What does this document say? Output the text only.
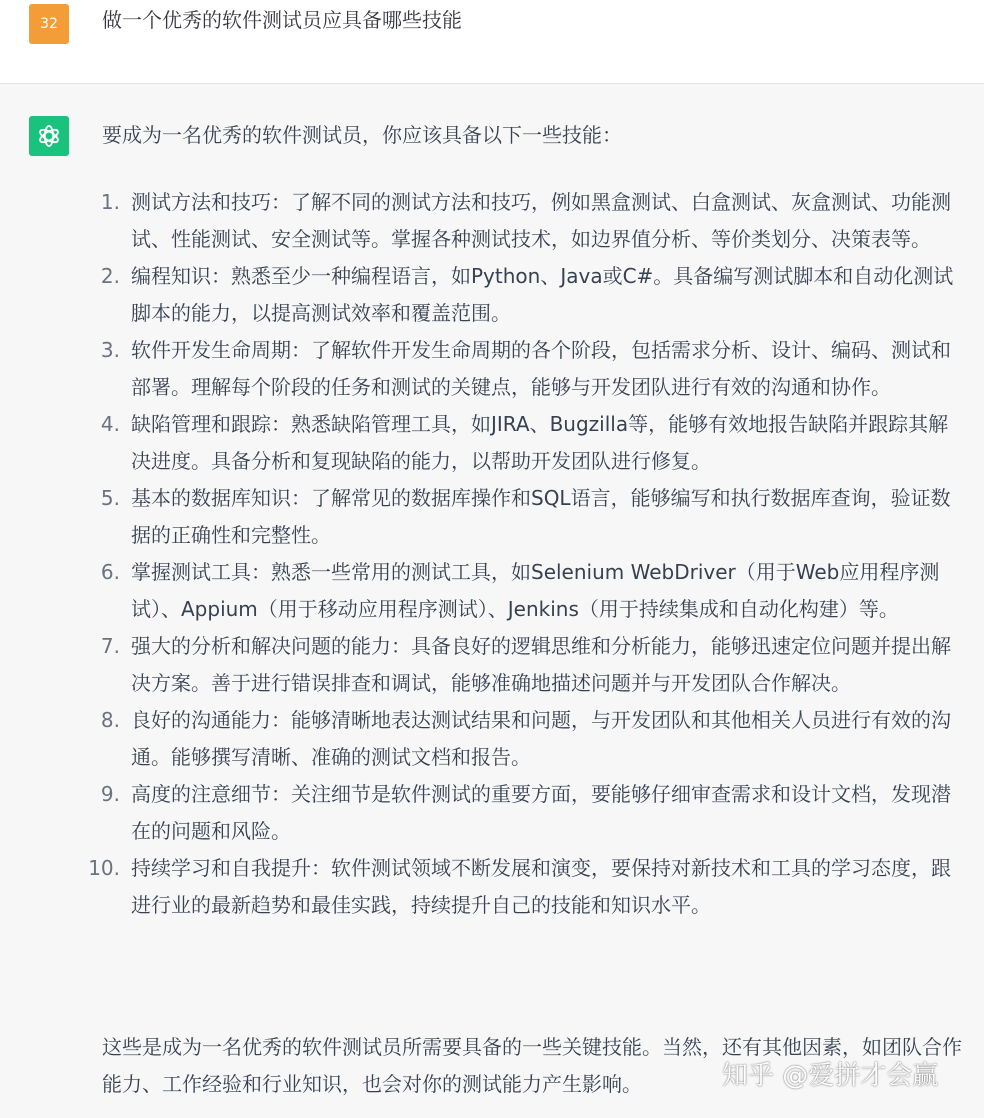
32	做一个优秀的软件测试员应具备哪些技能

要成为一名优秀的软件测试员，你应该具备以下一些技能：

1. 测试方法和技巧：了解不同的测试方法和技巧，例如黑盒测试、白盒测试、灰盒测试、功能测试、性能测试、安全测试等。掌握各种测试技术，如边界值分析、等价类划分、决策表等。

2. 编程知识：熟悉至少一种编程语言，如Python、Java或C#。具备编写测试脚本和自动化测试脚本的能力，以提高测试效率和覆盖范围。

3. 软件开发生命周期：了解软件开发生命周期的各个阶段，包括需求分析、设计、编码、测试和部署。理解每个阶段的任务和测试的关键点，能够与开发团队进行有效的沟通和协作。

4. 缺陷管理和跟踪：熟悉缺陷管理工具，如JIRA、Bugzilla等，能够有效地报告缺陷并跟踪其解决进度。具备分析和复现缺陷的能力，以帮助开发团队进行修复。

5. 基本的数据库知识：了解常见的数据库操作和SQL语言，能够编写和执行数据库查询，验证数据的正确性和完整性。

6. 掌握测试工具：熟悉一些常用的测试工具，如Selenium WebDriver（用于Web应用程序测试）、Appium（用于移动应用程序测试）、Jenkins（用于持续集成和自动化构建）等。

7. 强大的分析和解决问题的能力：具备良好的逻辑思维和分析能力，能够迅速定位问题并提出解决方案。善于进行错误排查和调试，能够准确地描述问题并与开发团队合作解决。

8. 良好的沟通能力：能够清晰地表达测试结果和问题，与开发团队和其他相关人员进行有效的沟通。能够撰写清晰、准确的测试文档和报告。

9. 高度的注意细节：关注细节是软件测试的重要方面，要能够仔细审查需求和设计文档，发现潜在的问题和风险。

10. 持续学习和自我提升：软件测试领域不断发展和演变，要保持对新技术和工具的学习态度，跟进行业的最新趋势和最佳实践，持续提升自己的技能和知识水平。

这些是成为一名优秀的软件测试员所需要具备的一些关键技能。当然，还有其他因素，如团队合作能力、工作经验和行业知识，也会对你的测试能力产生影响。	知乎 @爱拼才会赢
